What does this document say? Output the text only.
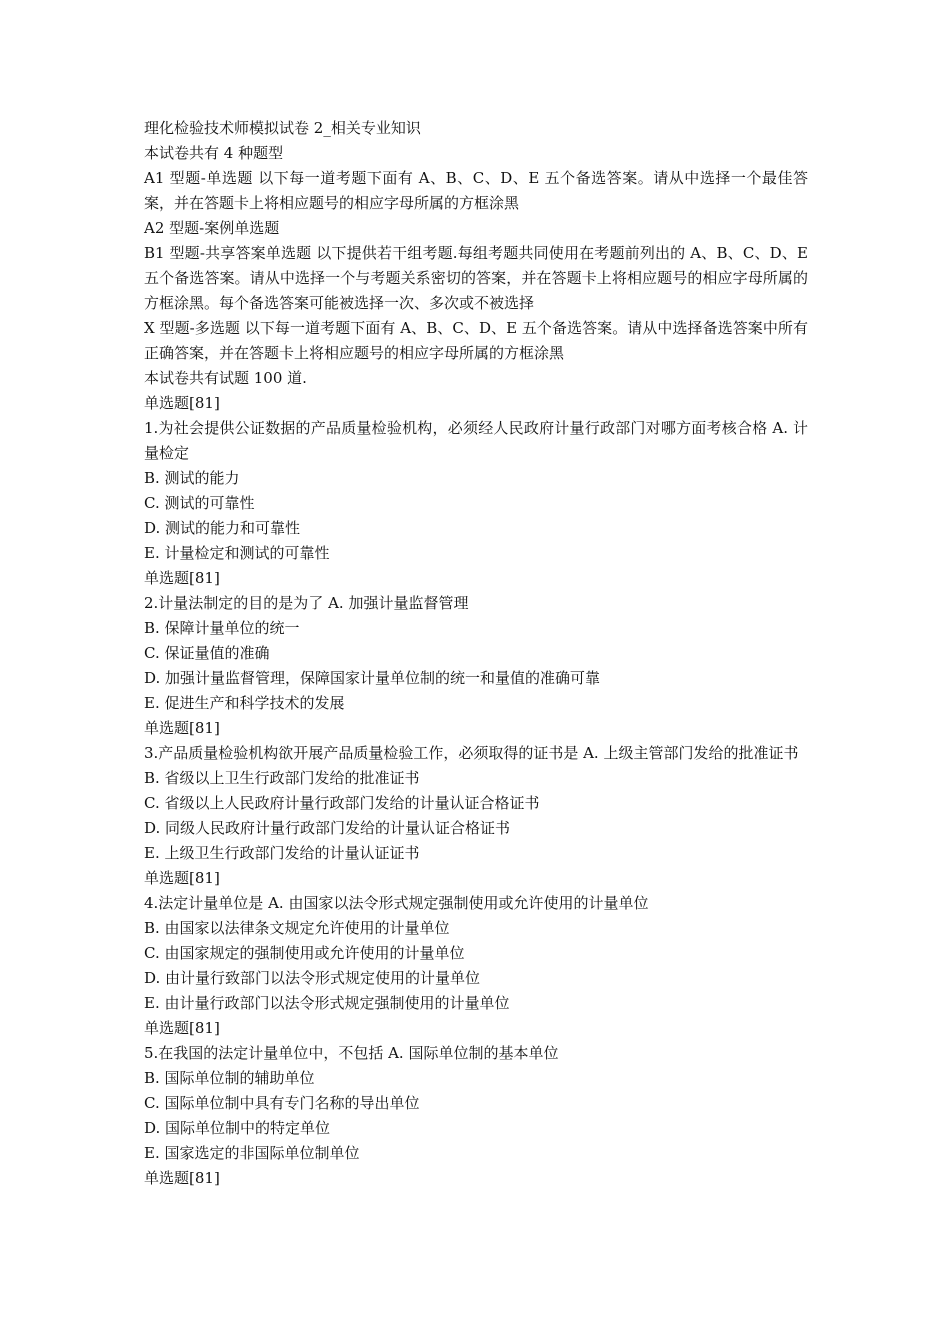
理化检验技术师模拟试卷 2_相关专业知识

本试卷共有 4 种题型

A1 型题-单选题 以下每一道考题下面有 A、B、C、D、E 五个备选答案。请从中选择一个最佳答案，并在答题卡上将相应题号的相应字母所属的方框涂黑

A2 型题-案例单选题

B1 型题-共享答案单选题 以下提供若干组考题.每组考题共同使用在考题前列出的 A、B、C、D、E 五个备选答案。请从中选择一个与考题关系密切的答案，并在答题卡上将相应题号的相应字母所属的方框涂黑。每个备选答案可能被选择一次、多次或不被选择

X 型题-多选题 以下每一道考题下面有 A、B、C、D、E 五个备选答案。请从中选择备选答案中所有正确答案，并在答题卡上将相应题号的相应字母所属的方框涂黑

本试卷共有试题 100 道.

单选题[81]

1.为社会提供公证数据的产品质量检验机构，必须经人民政府计量行政部门对哪方面考核合格 A. 计量检定

B. 测试的能力

C. 测试的可靠性

D. 测试的能力和可靠性

E. 计量检定和测试的可靠性

单选题[81]

2.计量法制定的目的是为了 A. 加强计量监督管理

B. 保障计量单位的统一

C. 保证量值的准确

D. 加强计量监督管理，保障国家计量单位制的统一和量值的准确可靠

E. 促进生产和科学技术的发展

单选题[81]

3.产品质量检验机构欲开展产品质量检验工作，必须取得的证书是 A. 上级主管部门发给的批准证书

B. 省级以上卫生行政部门发给的批准证书

C. 省级以上人民政府计量行政部门发给的计量认证合格证书

D. 同级人民政府计量行政部门发给的计量认证合格证书

E. 上级卫生行政部门发给的计量认证证书

单选题[81]

4.法定计量单位是 A. 由国家以法令形式规定强制使用或允许使用的计量单位

B. 由国家以法律条文规定允许使用的计量单位

C. 由国家规定的强制使用或允许使用的计量单位

D. 由计量行致部门以法令形式规定使用的计量单位

E. 由计量行政部门以法令形式规定强制使用的计量单位

单选题[81]

5.在我国的法定计量单位中，不包括 A. 国际单位制的基本单位

B. 国际单位制的辅助单位

C. 国际单位制中具有专门名称的导出单位

D. 国际单位制中的特定单位

E. 国家选定的非国际单位制单位

单选题[81]
